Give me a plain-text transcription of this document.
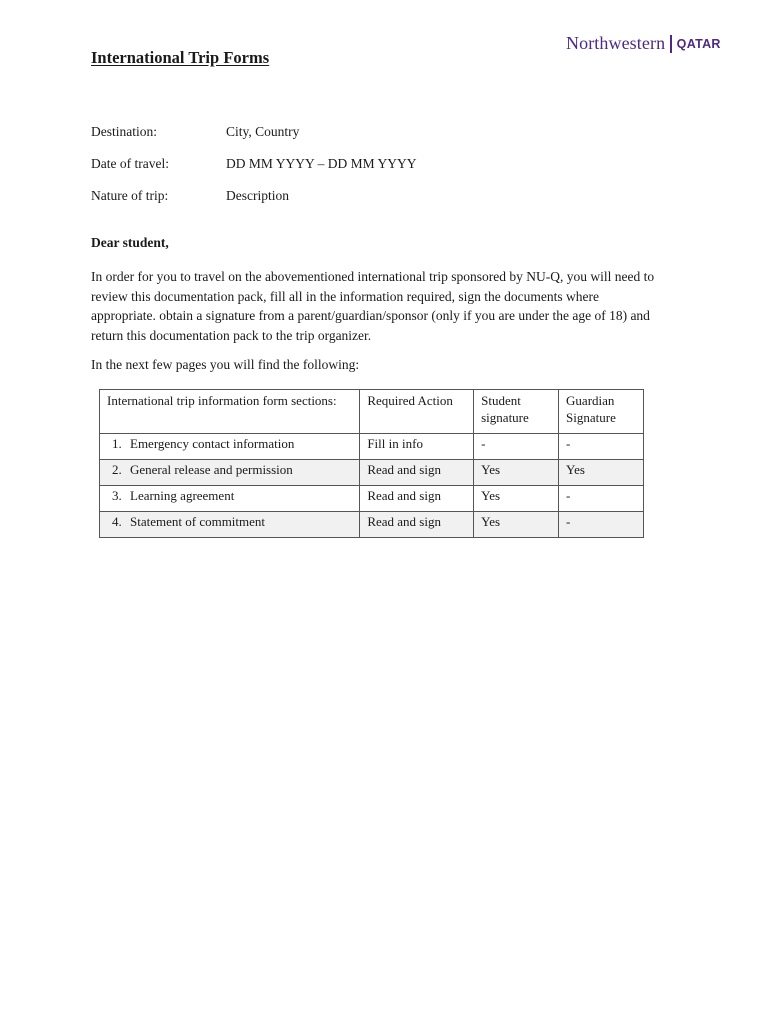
Northwestern QATAR
International Trip Forms
Destination:	City, Country
Date of travel:	DD MM YYYY – DD MM YYYY
Nature of trip:	Description
Dear student,

In order for you to travel on the abovementioned international trip sponsored by NU-Q, you will need to review this documentation pack, fill all in the information required, sign the documents where appropriate. obtain a signature from a parent/guardian/sponsor (only if you are under the age of 18) and return this documentation pack to the trip organizer.

In the next few pages you will find the following:
International trip information form sections:	Required Action	Student signature	Guardian Signature
1. Emergency contact information	Fill in info	-	-
2. General release and permission	Read and sign	Yes	Yes
3. Learning agreement	Read and sign	Yes	-
4. Statement of commitment	Read and sign	Yes	-
